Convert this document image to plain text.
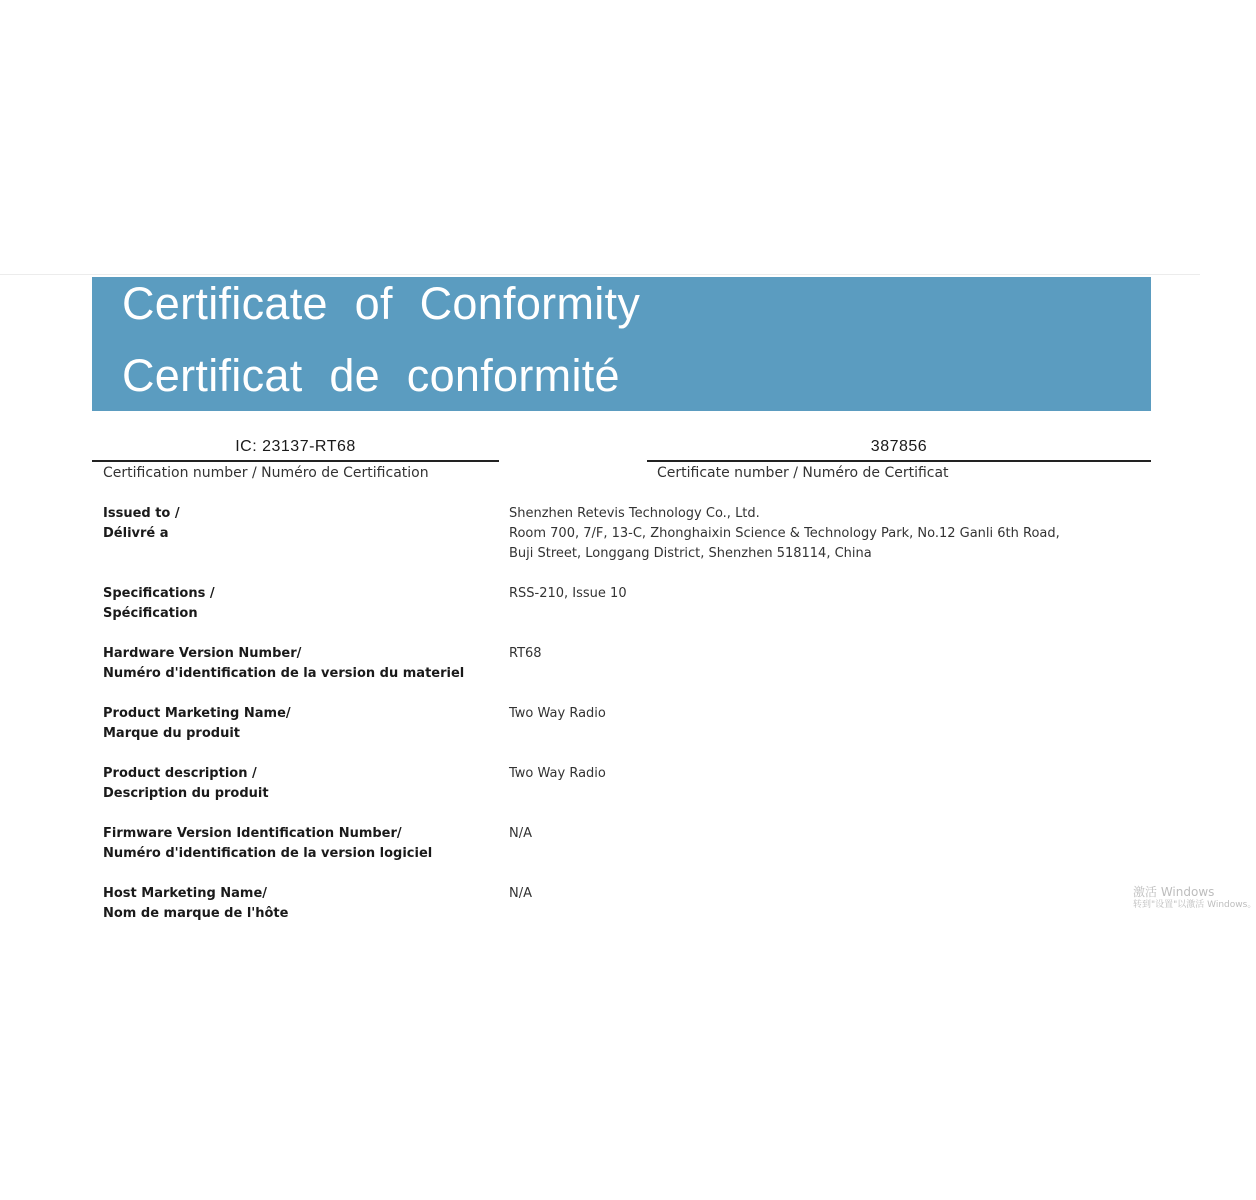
Certificate of Conformity
Certificat de conformité
IC: 23137-RT68
Certification number / Numéro de Certification
387856
Certificate number / Numéro de Certificat
Issued to /
Délivré a
Shenzhen Retevis Technology Co., Ltd.
Room 700, 7/F, 13-C, Zhonghaixin Science & Technology Park, No.12 Ganli 6th Road,
Buji Street, Longgang District, Shenzhen 518114, China
Specifications /
Spécification
RSS-210, Issue 10
Hardware Version Number/
Numéro d'identification de la version du materiel
RT68
Product Marketing Name/
Marque du produit
Two Way Radio
Product description /
Description du produit
Two Way Radio
Firmware Version Identification Number/
Numéro d'identification de la version logiciel
N/A
Host Marketing Name/
Nom de marque de l'hôte
N/A	激活 Windows
转到"设置"以激活 Windows。
